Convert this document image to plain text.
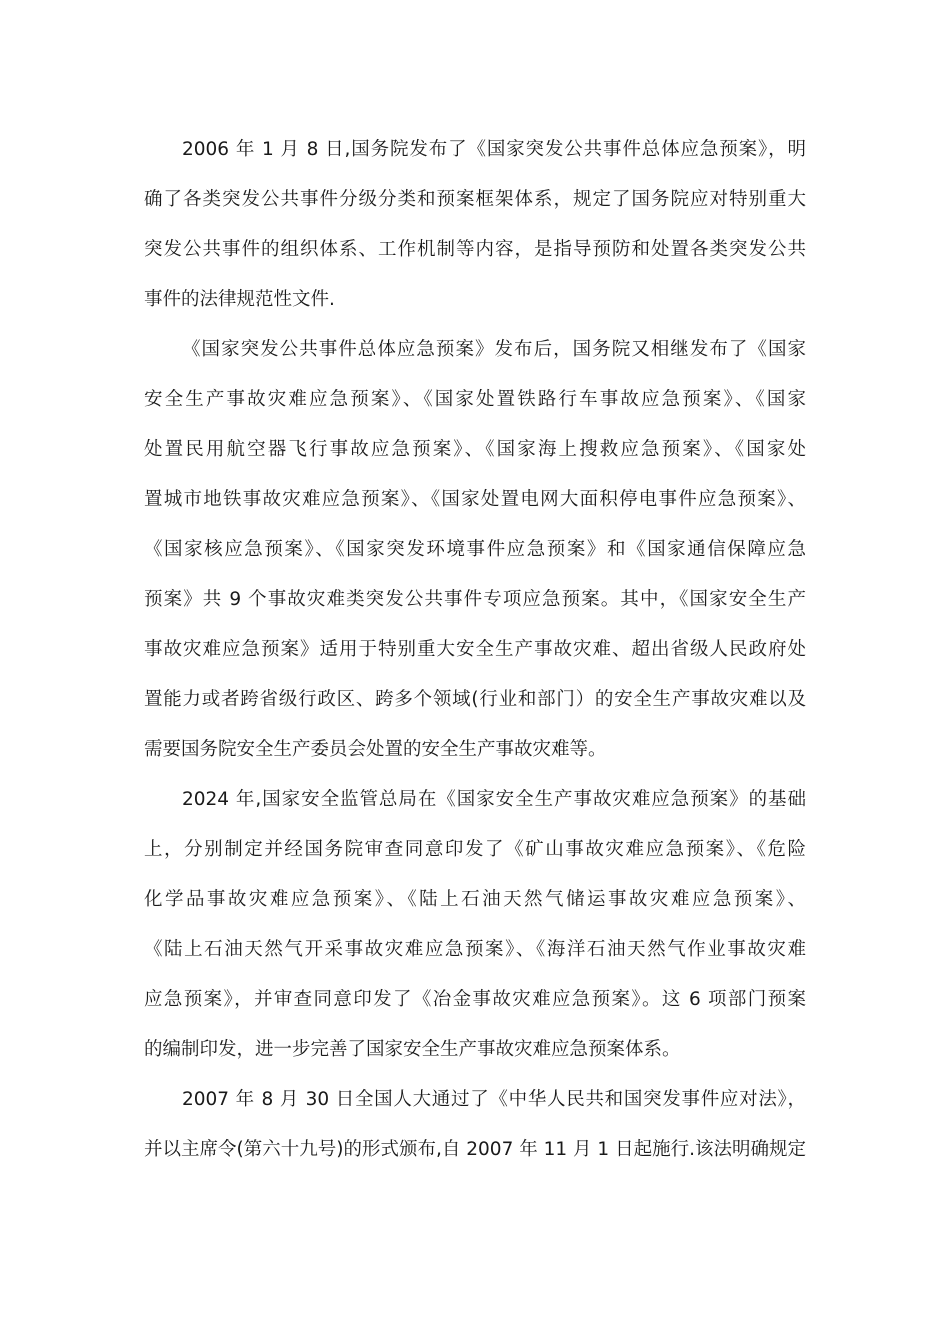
2006 年 1 月 8 日,国务院发布了《国家突发公共事件总体应急预案》，明
确了各类突发公共事件分级分类和预案框架体系，规定了国务院应对特别重大
突发公共事件的组织体系、工作机制等内容，是指导预防和处置各类突发公共
事件的法律规范性文件.
《国家突发公共事件总体应急预案》发布后，国务院又相继发布了《国家
安全生产事故灾难应急预案》、《国家处置铁路行车事故应急预案》、《国家
处置民用航空器飞行事故应急预案》、《国家海上搜救应急预案》、《国家处
置城市地铁事故灾难应急预案》、《国家处置电网大面积停电事件应急预案》、
《国家核应急预案》、《国家突发环境事件应急预案》和《国家通信保障应急
预案》共 9 个事故灾难类突发公共事件专项应急预案。其中，《国家安全生产
事故灾难应急预案》适用于特别重大安全生产事故灾难、超出省级人民政府处
置能力或者跨省级行政区、跨多个领域(行业和部门）的安全生产事故灾难以及
需要国务院安全生产委员会处置的安全生产事故灾难等。
2024 年,国家安全监管总局在《国家安全生产事故灾难应急预案》的基础
上，分别制定并经国务院审查同意印发了《矿山事故灾难应急预案》、《危险
化学品事故灾难应急预案》、《陆上石油天然气储运事故灾难应急预案》、
《陆上石油天然气开采事故灾难应急预案》、《海洋石油天然气作业事故灾难
应急预案》，并审查同意印发了《冶金事故灾难应急预案》。这 6 项部门预案
的编制印发，进一步完善了国家安全生产事故灾难应急预案体系。
2007 年 8 月 30 日全国人大通过了《中华人民共和国突发事件应对法》，
并以主席令(第六十九号)的形式颁布,自 2007 年 11 月 1 日起施行.该法明确规定
